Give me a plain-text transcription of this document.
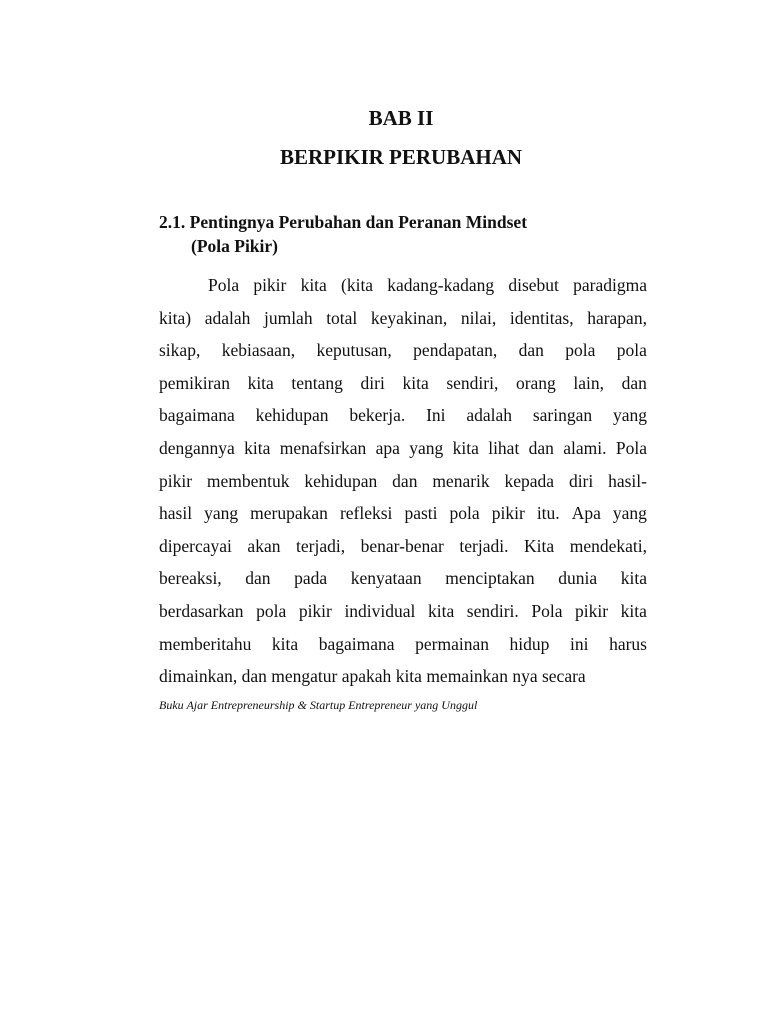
BAB II
BERPIKIR PERUBAHAN
2.1. Pentingnya Perubahan dan Peranan Mindset
(Pola Pikir)
Pola pikir kita (kita kadang-kadang disebut paradigma
kita) adalah jumlah total keyakinan, nilai, identitas, harapan,
sikap, kebiasaan, keputusan, pendapatan, dan pola pola
pemikiran kita tentang diri kita sendiri, orang lain, dan
bagaimana kehidupan bekerja. Ini adalah saringan yang
dengannya kita menafsirkan apa yang kita lihat dan alami. Pola
pikir membentuk kehidupan dan menarik kepada diri hasil-
hasil yang merupakan refleksi pasti pola pikir itu. Apa yang
dipercayai akan terjadi, benar-benar terjadi. Kita mendekati,
bereaksi, dan pada kenyataan menciptakan dunia kita
berdasarkan pola pikir individual kita sendiri. Pola pikir kita
memberitahu kita bagaimana permainan hidup ini harus
dimainkan, dan mengatur apakah kita memainkan nya secara
Buku Ajar Entrepreneurship & Startup Entrepreneur yang Unggul
